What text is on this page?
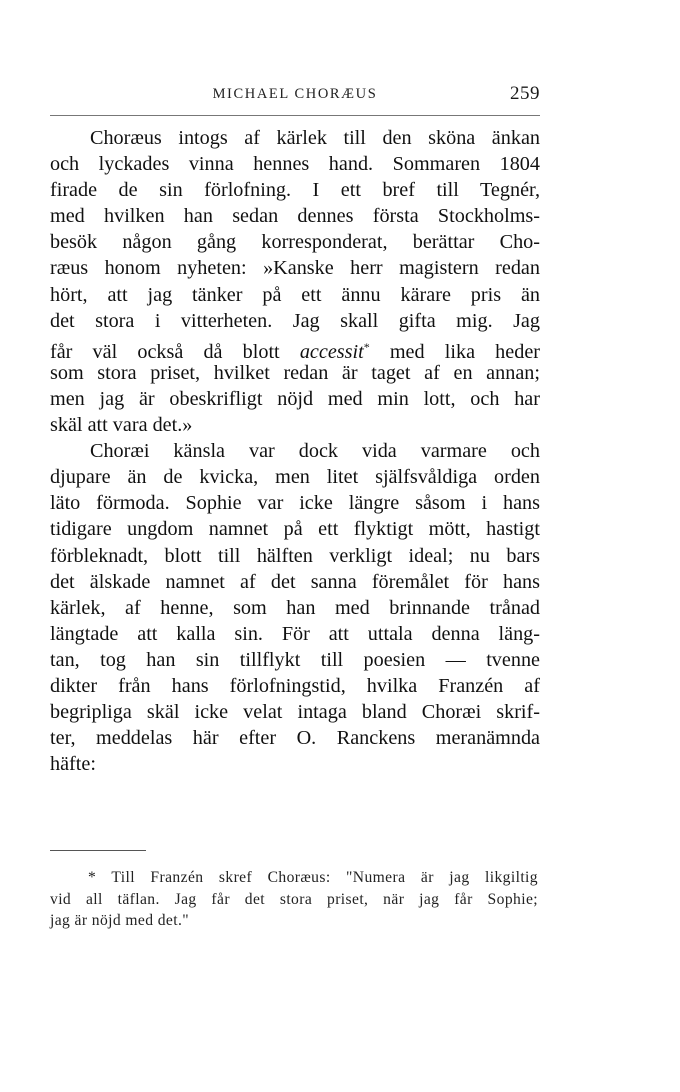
MICHAEL CHORÆUS	259
Choræus intogs af kärlek till den sköna änkan
och lyckades vinna hennes hand. Sommaren 1804
firade de sin förlofning. I ett bref till Tegnér,
med hvilken han sedan dennes första Stockholms-
besök någon gång korresponderat, berättar Cho-
ræus honom nyheten: »Kanske herr magistern redan
hört, att jag tänker på ett ännu kärare pris än
det stora i vitterheten. Jag skall gifta mig. Jag
får väl också då blott accessit* med lika heder
som stora priset, hvilket redan är taget af en annan;
men jag är obeskrifligt nöjd med min lott, och har
skäl att vara det.»
Choræi känsla var dock vida varmare och
djupare än de kvicka, men litet själfsvåldiga orden
läto förmoda. Sophie var icke längre såsom i hans
tidigare ungdom namnet på ett flyktigt mött, hastigt
förbleknadt, blott till hälften verkligt ideal; nu bars
det älskade namnet af det sanna föremålet för hans
kärlek, af henne, som han med brinnande trånad
längtade att kalla sin. För att uttala denna läng-
tan, tog han sin tillflykt till poesien — tvenne
dikter från hans förlofningstid, hvilka Franzén af
begripliga skäl icke velat intaga bland Choræi skrif-
ter, meddelas här efter O. Ranckens meranämnda
häfte:
* Till Franzén skref Choræus: "Numera är jag likgiltig
vid all täflan. Jag får det stora priset, när jag får Sophie;
jag är nöjd med det."
